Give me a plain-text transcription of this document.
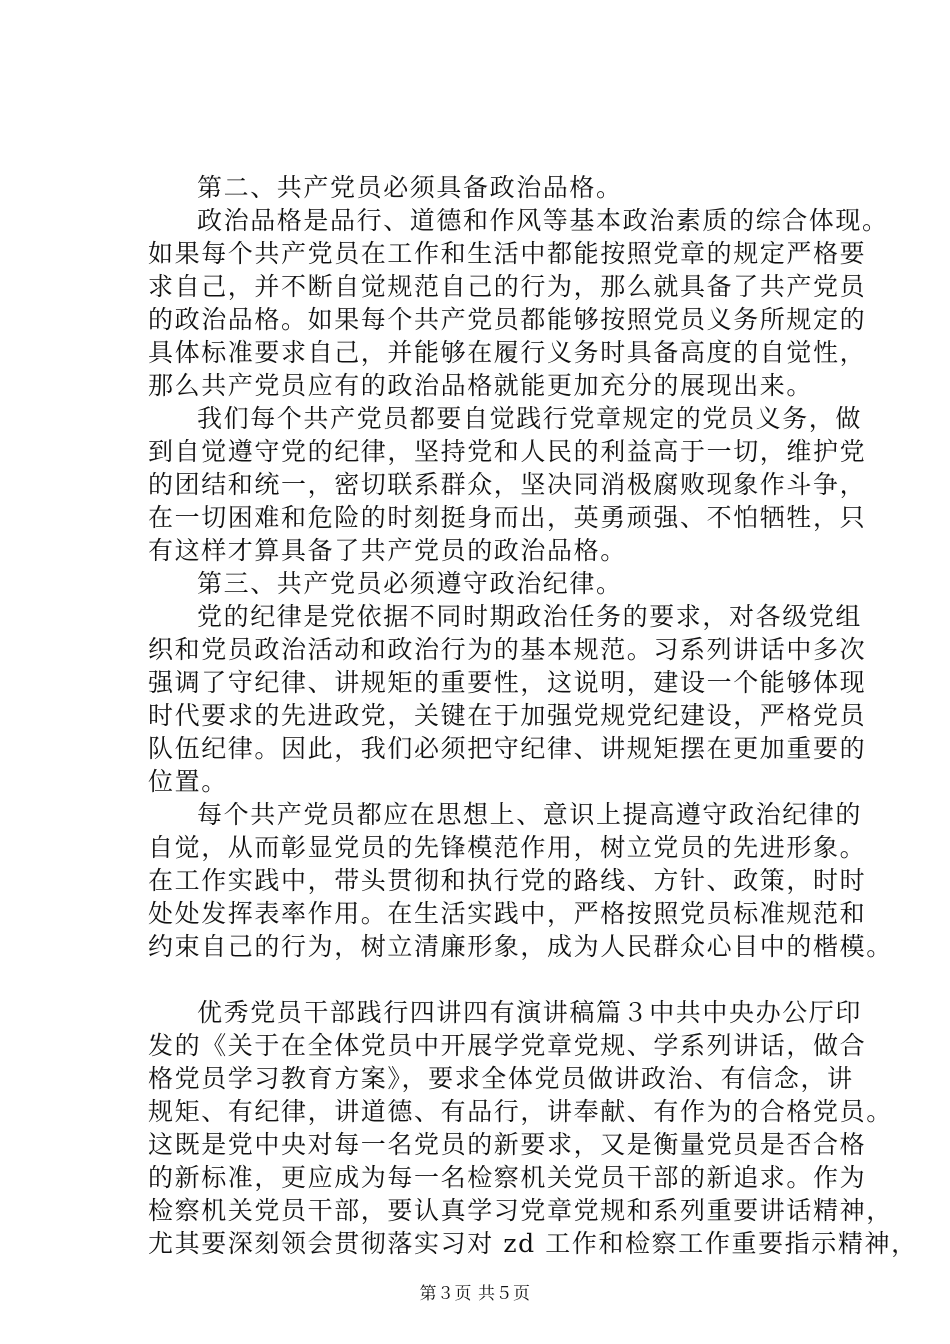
第二、共产党员必须具备政治品格。
政治品格是品行、道德和作风等基本政治素质的综合体现。
如果每个共产党员在工作和生活中都能按照党章的规定严格要
求自己，并不断自觉规范自己的行为，那么就具备了共产党员
的政治品格。如果每个共产党员都能够按照党员义务所规定的
具体标准要求自己，并能够在履行义务时具备高度的自觉性，
那么共产党员应有的政治品格就能更加充分的展现出来。
我们每个共产党员都要自觉践行党章规定的党员义务，做
到自觉遵守党的纪律，坚持党和人民的利益高于一切，维护党
的团结和统一，密切联系群众，坚决同消极腐败现象作斗争，
在一切困难和危险的时刻挺身而出，英勇顽强、不怕牺牲，只
有这样才算具备了共产党员的政治品格。
第三、共产党员必须遵守政治纪律。
党的纪律是党依据不同时期政治任务的要求，对各级党组
织和党员政治活动和政治行为的基本规范。习系列讲话中多次
强调了守纪律、讲规矩的重要性，这说明，建设一个能够体现
时代要求的先进政党，关键在于加强党规党纪建设，严格党员
队伍纪律。因此，我们必须把守纪律、讲规矩摆在更加重要的
位置。
每个共产党员都应在思想上、意识上提高遵守政治纪律的
自觉，从而彰显党员的先锋模范作用，树立党员的先进形象。
在工作实践中，带头贯彻和执行党的路线、方针、政策，时时
处处发挥表率作用。在生活实践中，严格按照党员标准规范和
约束自己的行为，树立清廉形象，成为人民群众心目中的楷模。
优秀党员干部践行四讲四有演讲稿篇３中共中央办公厅印
发的《关于在全体党员中开展学党章党规、学系列讲话，做合
格党员学习教育方案》，要求全体党员做讲政治、有信念，讲
规矩、有纪律，讲道德、有品行，讲奉献、有作为的合格党员。
这既是党中央对每一名党员的新要求，又是衡量党员是否合格
的新标准，更应成为每一名检察机关党员干部的新追求。作为
检察机关党员干部，要认真学习党章党规和系列重要讲话精神，
尤其要深刻领会贯彻落实习对 zd 工作和检察工作重要指示精神，
第３页 共５页
